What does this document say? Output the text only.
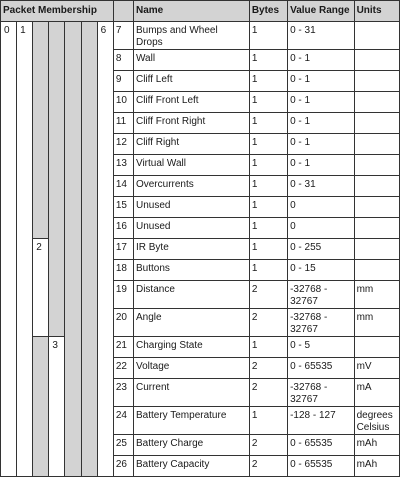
Packet Membership								Name	Bytes	Value Range	Units
0	1					6	7	Bumps and Wheel Drops	1	0 - 31	
							8	Wall	1	0 - 1	
							9	Cliff Left	1	0 - 1	
							10	Cliff Front Left	1	0 - 1	
							11	Cliff Front Right	1	0 - 1	
							12	Cliff Right	1	0 - 1	
							13	Virtual Wall	1	0 - 1	
							14	Overcurrents	1	0 - 31	
							15	Unused	1	0	
							16	Unused	1	0	
		2					17	IR Byte	1	0 - 255	
							18	Buttons	1	0 - 15	
							19	Distance	2	-32768 - 32767	mm
							20	Angle	2	-32768 - 32767	mm
			3				21	Charging State	1	0 - 5	
							22	Voltage	2	0 - 65535	mV
							23	Current	2	-32768 - 32767	mA
							24	Battery Temperature	1	-128 - 127	degrees Celsius
							25	Battery Charge	2	0 - 65535	mAh
							26	Battery Capacity	2	0 - 65535	mAh
